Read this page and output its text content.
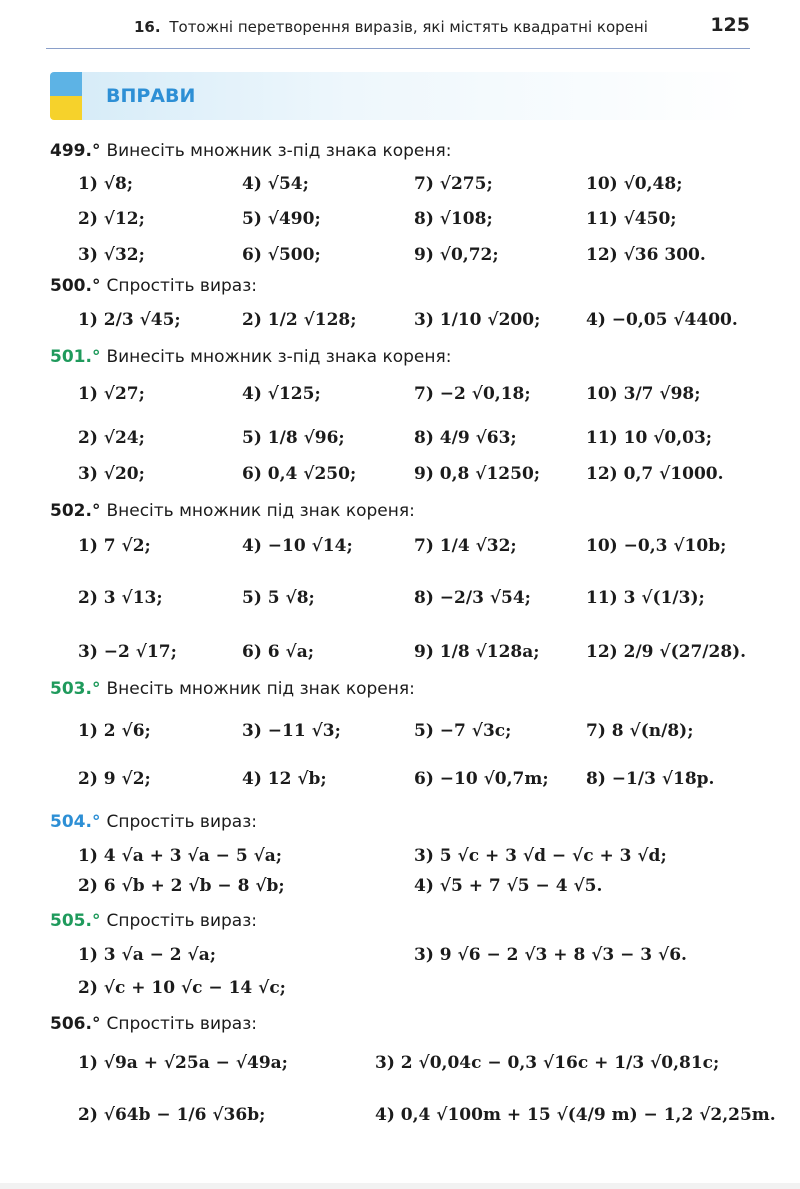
16. Тотожні перетворення виразів, які містять квадратні корені	125
ВПРАВИ
499.° Винесіть множник з-під знака кореня:
1) √8;	4) √54;	7) √275;	10) √0,48;
2) √12;	5) √490;	8) √108;	11) √450;
3) √32;	6) √500;	9) √0,72;	12) √36 300.
500.° Спростіть вираз:
1) 2/3 √45;	2) 1/2 √128;	3) 1/10 √200;	4) −0,05 √4400.
501.° Винесіть множник з-під знака кореня:
1) √27;	4) √125;	7) −2 √0,18;	10) 3/7 √98;
2) √24;	5) 1/8 √96;	8) 4/9 √63;	11) 10 √0,03;
3) √20;	6) 0,4 √250;	9) 0,8 √1250;	12) 0,7 √1000.
502.° Внесіть множник під знак кореня:
1) 7 √2;	4) −10 √14;	7) 1/4 √32;	10) −0,3 √10b;
2) 3 √13;	5) 5 √8;	8) −2/3 √54;	11) 3 √(1/3);
3) −2 √17;	6) 6 √a;	9) 1/8 √128a;	12) 2/9 √(27/28).
503.° Внесіть множник під знак кореня:
1) 2 √6;	3) −11 √3;	5) −7 √3c;	7) 8 √(n/8);
2) 9 √2;	4) 12 √b;	6) −10 √0,7m; 8) −1/3 √18p.
504.° Спростіть вираз:
1) 4 √a + 3 √a − 5 √a;	3) 5 √c + 3 √d − √c + 3 √d;
2) 6 √b + 2 √b − 8 √b;	4) √5 + 7 √5 − 4 √5.
505.° Спростіть вираз:
1) 3 √a − 2 √a;	3) 9 √6 − 2 √3 + 8 √3 − 3 √6.
2) √c + 10 √c − 14 √c;
506.° Спростіть вираз:
1) √9a + √25a − √49a;	3) 2 √0,04c − 0,3 √16c + 1/3 √0,81c;
2) √64b − 1/6 √36b;	4) 0,4 √100m + 15 √(4/9 m) − 1,2 √2,25m.
